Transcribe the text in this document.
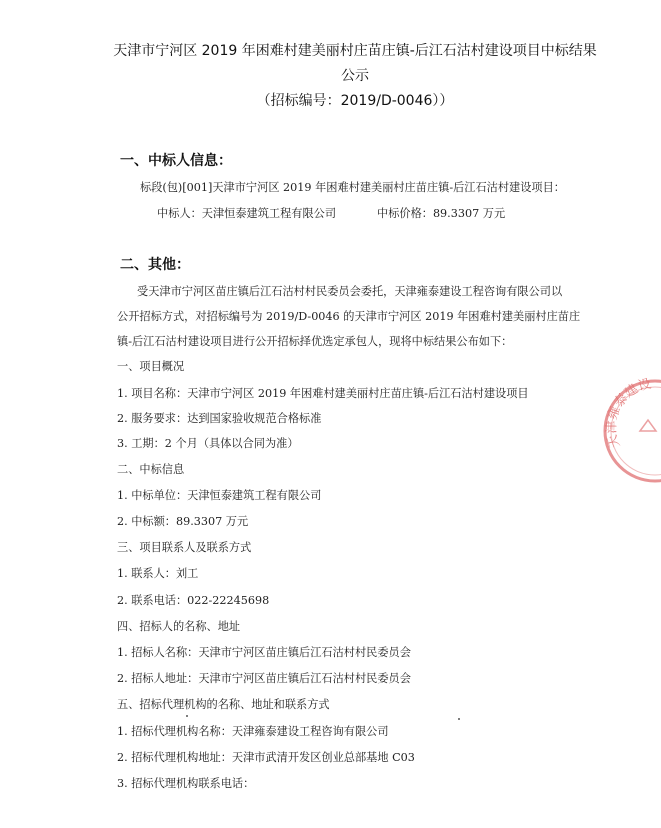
天津市宁河区 2019 年困难村建美丽村庄苗庄镇-后江石沽村建设项目中标结果
公示
（招标编号：2019/D-0046））
一、中标人信息：
标段(包)[001]天津市宁河区 2019 年困难村建美丽村庄苗庄镇-后江石沽村建设项目：
中标人：天津恒泰建筑工程有限公司	中标价格：89.3307 万元
二、其他：
受天津市宁河区苗庄镇后江石沽村村民委员会委托，天津雍泰建设工程咨询有限公司以
公开招标方式，对招标编号为 2019/D-0046 的天津市宁河区 2019 年困难村建美丽村庄苗庄
镇-后江石沽村建设项目进行公开招标择优选定承包人，现将中标结果公布如下：
一、项目概况
1. 项目名称：天津市宁河区 2019 年困难村建美丽村庄苗庄镇-后江石沽村建设项目
2. 服务要求：达到国家验收规范合格标准
3. 工期：2 个月（具体以合同为准）
二、中标信息
1. 中标单位：天津恒泰建筑工程有限公司
2. 中标额：89.3307 万元
三、项目联系人及联系方式
1. 联系人：刘工
2. 联系电话：022-22245698
四、招标人的名称、地址
1. 招标人名称：天津市宁河区苗庄镇后江石沽村村民委员会
2. 招标人地址：天津市宁河区苗庄镇后江石沽村村民委员会
五、招标代理机构的名称、地址和联系方式
1. 招标代理机构名称：天津雍泰建设工程咨询有限公司
2. 招标代理机构地址：天津市武清开发区创业总部基地 C03
3. 招标代理机构联系电话：
天津雍泰建设
